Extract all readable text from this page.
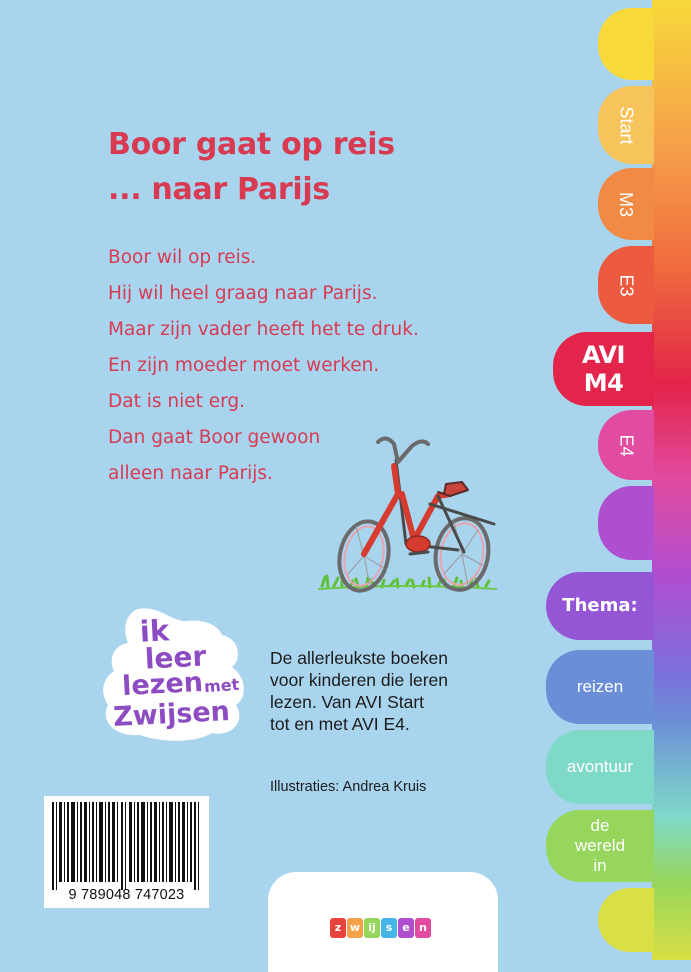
Boor gaat op reis
... naar Parijs

Boor wil op reis.
Hij wil heel graag naar Parijs.
Maar zijn vader heeft het te druk.
En zijn moeder moet werken.
Dat is niet erg.
Dan gaat Boor gewoon
alleen naar Parijs.

ik
leer
lezen met
Zwijsen

De allerleukste boeken
voor kinderen die leren
lezen. Van AVI Start
tot en met AVI E4.

Illustraties: Andrea Kruis

9 789048 747023
z w ij s e n
Start
M3
E3
AVI
M4
E4
Thema:
reizen
avontuur
de
wereld
in
